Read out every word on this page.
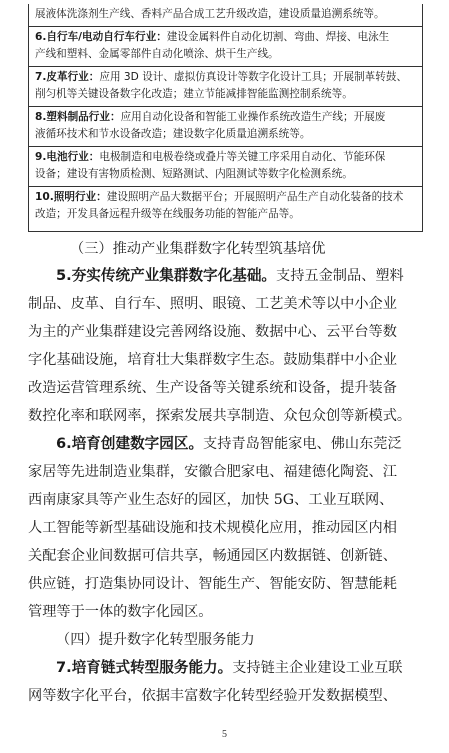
展液体洗涤剂生产线、香料产品合成工艺升级改造，建设质量追溯系统等。
6.自行车/电动自行车行业：建设金属料件自动化切割、弯曲、焊接、电泳生
产线和塑料、金属零部件自动化喷涂、烘干生产线。
7.皮革行业：应用 3D 设计、虚拟仿真设计等数字化设计工具；开展制革转鼓、
削匀机等关键设备数字化改造；建立节能减排智能监测控制系统等。
8.塑料制品行业：应用自动化设备和智能工业操作系统改造生产线；开展废
液循环技术和节水设备改造；建设数字化质量追溯系统等。
9.电池行业：电极制造和电极卷绕或叠片等关键工序采用自动化、节能环保
设备；建设有害物质检测、短路测试、内阻测试等数字化检测系统。
10.照明行业：建设照明产品大数据平台；开展照明产品生产自动化装备的技术
改造；开发具备远程升级等在线服务功能的智能产品等。
（三）推动产业集群数字化转型筑基培优
5.夯实传统产业集群数字化基础。支持五金制品、塑料
制品、皮革、自行车、照明、眼镜、工艺美术等以中小企业
为主的产业集群建设完善网络设施、数据中心、云平台等数
字化基础设施，培育壮大集群数字生态。鼓励集群中小企业
改造运营管理系统、生产设备等关键系统和设备，提升装备
数控化率和联网率，探索发展共享制造、众包众创等新模式。
6.培育创建数字园区。支持青岛智能家电、佛山东莞泛
家居等先进制造业集群，安徽合肥家电、福建德化陶瓷、江
西南康家具等产业生态好的园区，加快 5G、工业互联网、
人工智能等新型基础设施和技术规模化应用，推动园区内相
关配套企业间数据可信共享，畅通园区内数据链、创新链、
供应链，打造集协同设计、智能生产、智能安防、智慧能耗
管理等于一体的数字化园区。
（四）提升数字化转型服务能力
7.培育链式转型服务能力。支持链主企业建设工业互联
网等数字化平台，依据丰富数字化转型经验开发数据模型、
5
